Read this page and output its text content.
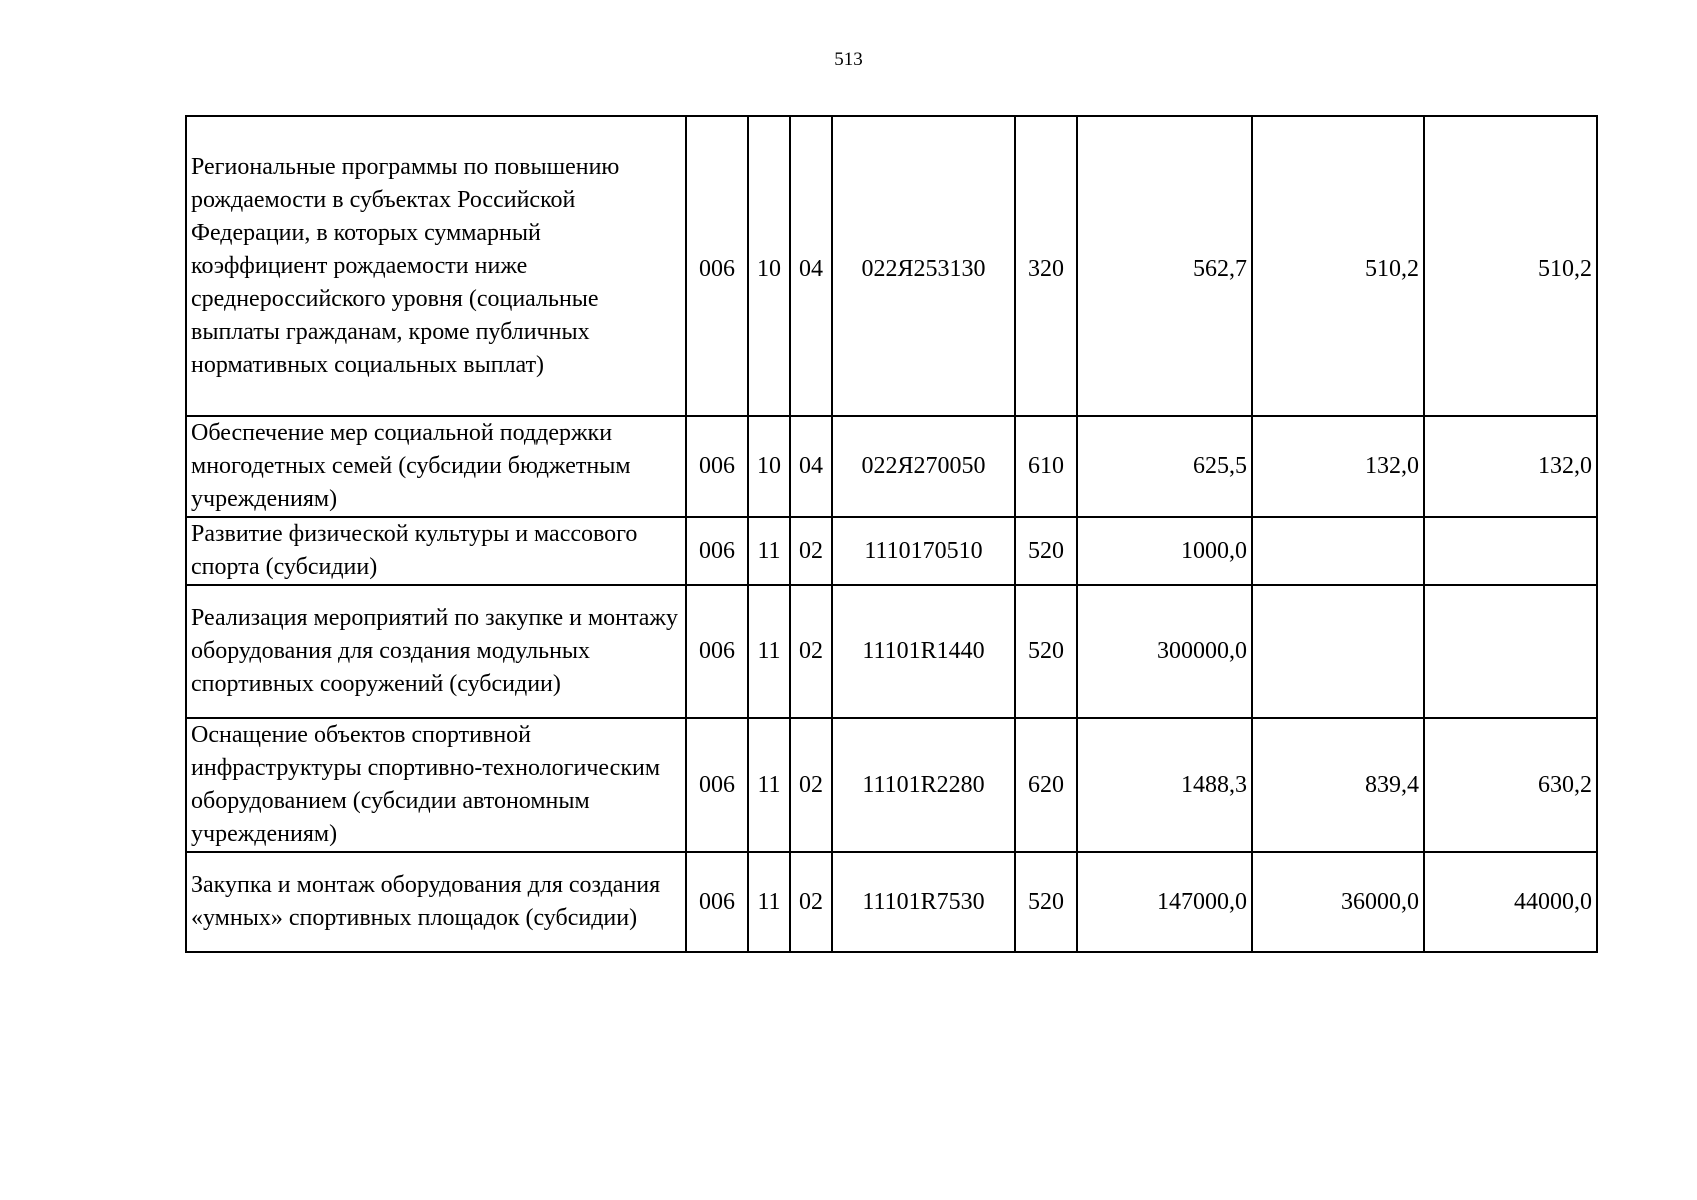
513
Региональные программы по повышению рождаемости в субъектах Российской Федерации, в которых суммарный коэффициент рождаемости ниже среднероссийского уровня (социальные выплаты гражданам, кроме публичных нормативных социальных выплат)	006	10	04	022Я253130	320	562,7	510,2	510,2
Обеспечение мер социальной поддержки многодетных семей (субсидии бюджетным учреждениям)	006	10	04	022Я270050	610	625,5	132,0	132,0
Развитие физической культуры и массового спорта (субсидии)	006	11	02	1110170510	520	1000,0		
Реализация мероприятий по закупке и монтажу оборудования для создания модульных спортивных сооружений (субсидии)	006	11	02	11101R1440	520	300000,0		
Оснащение объектов спортивной инфраструктуры спортивно-технологическим оборудованием (субсидии автономным учреждениям)	006	11	02	11101R2280	620	1488,3	839,4	630,2
Закупка и монтаж оборудования для создания «умных» спортивных площадок (субсидии)	006	11	02	11101R7530	520	147000,0	36000,0	44000,0
